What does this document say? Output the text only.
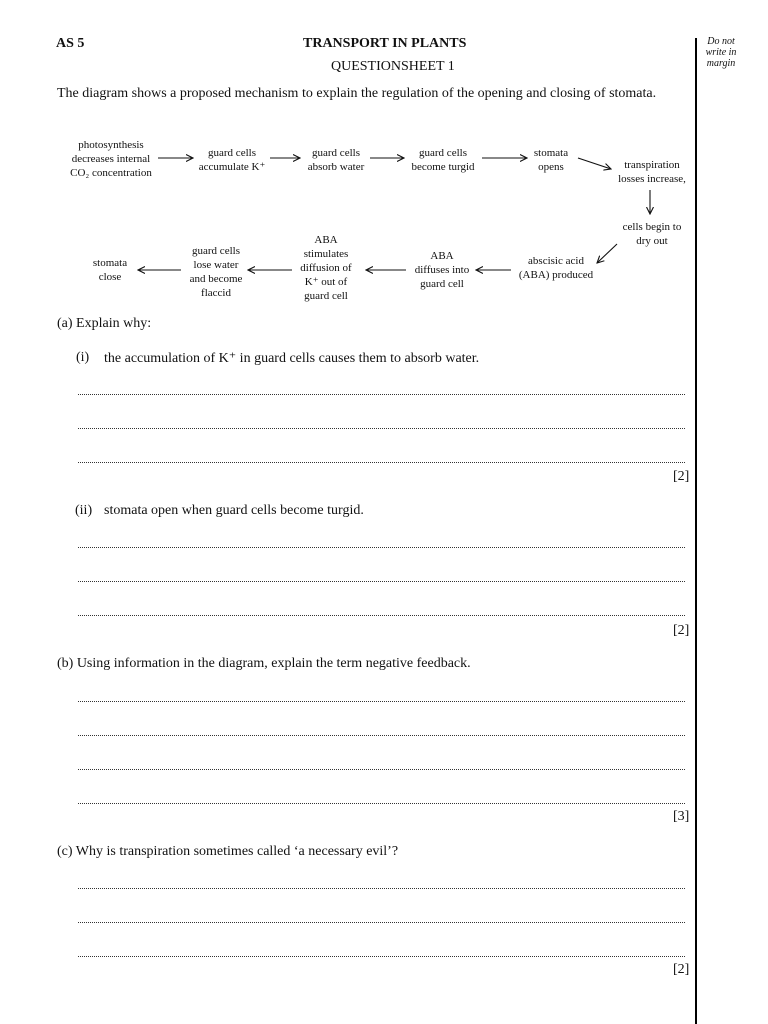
AS 5	TRANSPORT IN PLANTS
QUESTIONSHEET 1
Do not
write in
margin
The diagram shows a proposed mechanism to explain the regulation of the opening and closing of stomata.
photosynthesis
decreases internal
CO₂ concentration
guard cells
accumulate K⁺
guard cells
absorb water
guard cells
become turgid
stomata
opens	transpiration
losses increase,
cells begin to
dry out
abscisic acid
(ABA) produced
ABA
diffuses into
guard cell
ABA
stimulates
diffusion of
K⁺ out of
guard cell
guard cells
lose water
and become
flaccid
stomata
close
(a) Explain why:
(i) the accumulation of K⁺ in guard cells causes them to absorb water.
[2]
(ii) stomata open when guard cells become turgid.
[2]
(b) Using information in the diagram, explain the term negative feedback.
[3]
(c) Why is transpiration sometimes called ‘a necessary evil’?
[2]
